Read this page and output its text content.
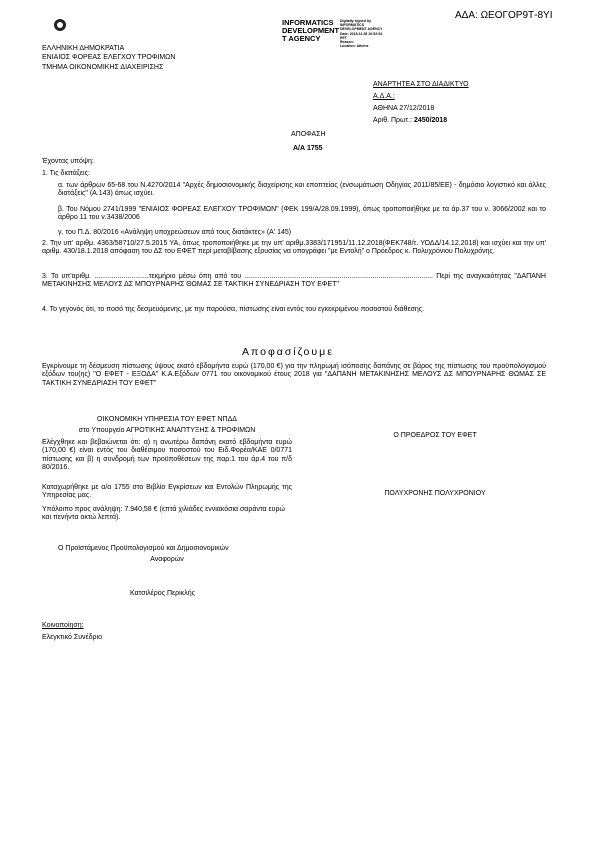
ΑΔΑ: ΩΕΟΓΟΡ9Τ-8ΥΙ
INFORMATICS
DEVELOPMENT
T AGENCY
Digitally signed by
INFORMATICS
DEVELOPMENT AGENCY
Date: 2018.12.28 10:52:54
EET
Reason:
Location: Athens
ΕΛΛΗΝΙΚΗ ΔΗΜΟΚΡΑΤΙΑ
ΕΝΙΑΙΟΣ ΦΟΡΕΑΣ ΕΛΕΓΧΟΥ ΤΡΟΦΙΜΩΝ
ΤΜΗΜΑ ΟΙΚΟΝΟΜΙΚΗΣ ΔΙΑΧΕΙΡΙΣΗΣ
ΑΝΑΡΤΗΤΕΑ ΣΤΟ ΔΙΑΔΙΚΤΥΟ
Α.Δ.Α.:
ΑΘΗΝΑ 27/12/2018
Αριθ. Πρωτ.: 2450/2018
ΑΠΟΦΑΣΗ
Α/Α 1755
Έχοντας υπόψη:
1. Τις διατάξεις:
α. των άρθρων 65-68 του Ν.4270/2014 "Αρχές δημοσιονομικής διαχείρισης και εποπτείας (ενσωμάτωση Οδηγίας 2011/85/ΕΕ) - δημόσιο λογιστικό και άλλες διατάξεις" (Α.143) όπως ισχύει.
β. Του Νόμου 2741/1999 "ΕΝΙΑΙΟΣ ΦΟΡΕΑΣ ΕΛΕΓΧΟΥ ΤΡΟΦΙΜΩΝ" (ΦΕΚ 199/Α/28.09.1999), όπως τροποποιήθηκε με τα άρ.37 του ν. 3066/2002 και το άρθρο 11 του ν.3438/2006
γ. του Π.Δ. 80/2016 «Ανάληψη υποχρεώσεων από τους διατάκτες» (Α' 145)
2. Την υπ' αριθμ. 4363/58710/27.5.2015 ΥΑ, όπως τροποποιήθηκε με την υπ' αριθμ.3383/171951/11.12.2018(ΦΕΚ748/τ. ΥΟΔΔ/14.12.2018) και ισχύει και την υπ' αριθμ. 430/18.1.2018 απόφαση του ΔΣ του ΕΦΕΤ περί μεταβίβασης εξουσίας να υπογράφει "με Εντολή" ο Πρόεδρος κ. Πολυχρόνιου Πολυχρόνης.
3. Το υπ'αριθμ. ............................τεκμήριο μέσω όπη από του ................................................................................................. Περί της αναγκαιότητας "ΔΑΠΑΝΗ ΜΕΤΑΚΙΝΗΣΗΣ ΜΕΛΟΥΣ ΔΣ ΜΠΟΥΡΝΑΡΗΣ ΘΩΜΑΣ ΣΕ ΤΑΚΤΙΚΗ ΣΥΝΕΔΡΙΑΣΗ ΤΟΥ ΕΦΕΤ"
4. Το γεγονός ότι, το ποσό της δεσμευόμενης, με την παρούσα, πίστωσης είναι εντός του εγκεκριμένου ποσοστού διάθεσης.
Αποφασίζουμε
Εγκρίνουμε τη δέσμευση πίστωσης ύψους εκατό εβδομήντα ευρώ (170,00 €) για την πληρωμή ισόποσης δαπάνης σε βάρος της πίστωσης του προϋπολογισμού εξόδων του(ης) "Ο ΕΦΕΤ - ΕΞΟΔΑ" Κ.Α.Εξόδων 0771 του οικονομικού έτους 2018 για "ΔΑΠΑΝΗ ΜΕΤΑΚΙΝΗΣΗΣ ΜΕΛΟΥΣ ΔΣ ΜΠΟΥΡΝΑΡΗΣ ΘΩΜΑΣ ΣΕ ΤΑΚΤΙΚΗ ΣΥΝΕΔΡΙΑΣΗ ΤΟΥ ΕΦΕΤ"
ΟΙΚΟΝΟΜΙΚΗ ΥΠΗΡΕΣΙΑ ΤΟΥ ΕΦΕΤ ΝΠΔΔ
στο Υπουργείο ΑΓΡΟΤΙΚΗΣ ΑΝΑΠΤΥΞΗΣ & ΤΡΟΦΙΜΩΝ
Ελέγχθηκε και βεβαιώνεται ότι: α) η ανωτέρω δαπάνη εκατό εβδομήντα ευρώ (170,00 €) είναι εντός του διαθέσιμου ποσοστού του Ειδ.Φορέα/ΚΑΕ 0/0771 πίστωσης και β) η συνδρομή των προϋποθέσεων της παρ.1 του άρ.4 του π/δ 80/2016.
Καταχωρήθηκε με α/α 1755 στο Βιβλίο Εγκρίσεων και Εντολών Πληρωμής της Υπηρεσίας μας.
Υπόλοιπο προς ανάληψη: 7.940,58 € (επτά χιλιάδες εννιακόσια σαράντα ευρώ και πενήντα οκτώ λεπτά).
Ο Προϊστάμενος Προϋπολογισμού και Δημοσιονομικών
Αναφορών
Κατσιλέρος Περικλής
Ο ΠΡΟΕΔΡΟΣ ΤΟΥ ΕΦΕΤ
ΠΟΛΥΧΡΟΝΗΣ ΠΟΛΥΧΡΟΝΙΟΥ
Κοινοποίηση:
Ελεγκτικό Συνέδριο
